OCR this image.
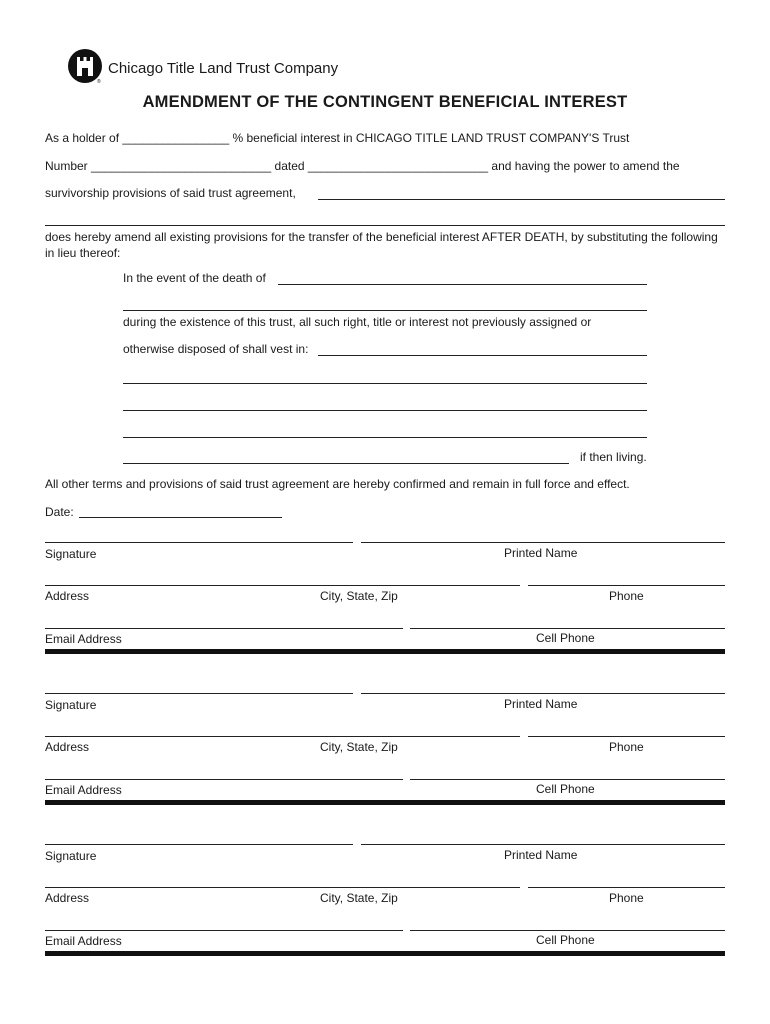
®
Chicago Title Land Trust Company
AMENDMENT OF THE CONTINGENT BENEFICIAL INTEREST
As a holder of ________________ % beneficial interest in CHICAGO TITLE LAND TRUST COMPANY'S Trust
Number ___________________________ dated ___________________________ and having the power to amend the
survivorship provisions of said trust agreement,
does hereby amend all existing provisions for the transfer of the beneficial interest AFTER DEATH, by substituting the following in lieu thereof:
In the event of the death of
during the existence of this trust, all such right, title or interest not previously assigned or
otherwise disposed of shall vest in:
if then living.
All other terms and provisions of said trust agreement are hereby confirmed and remain in full force and effect.
Date:
Signature	Printed Name
Address	City, State, Zip	Phone
Email Address	Cell Phone
Signature	Printed Name
Address	City, State, Zip	Phone
Email Address	Cell Phone
Signature	Printed Name
Address	City, State, Zip	Phone
Email Address	Cell Phone
